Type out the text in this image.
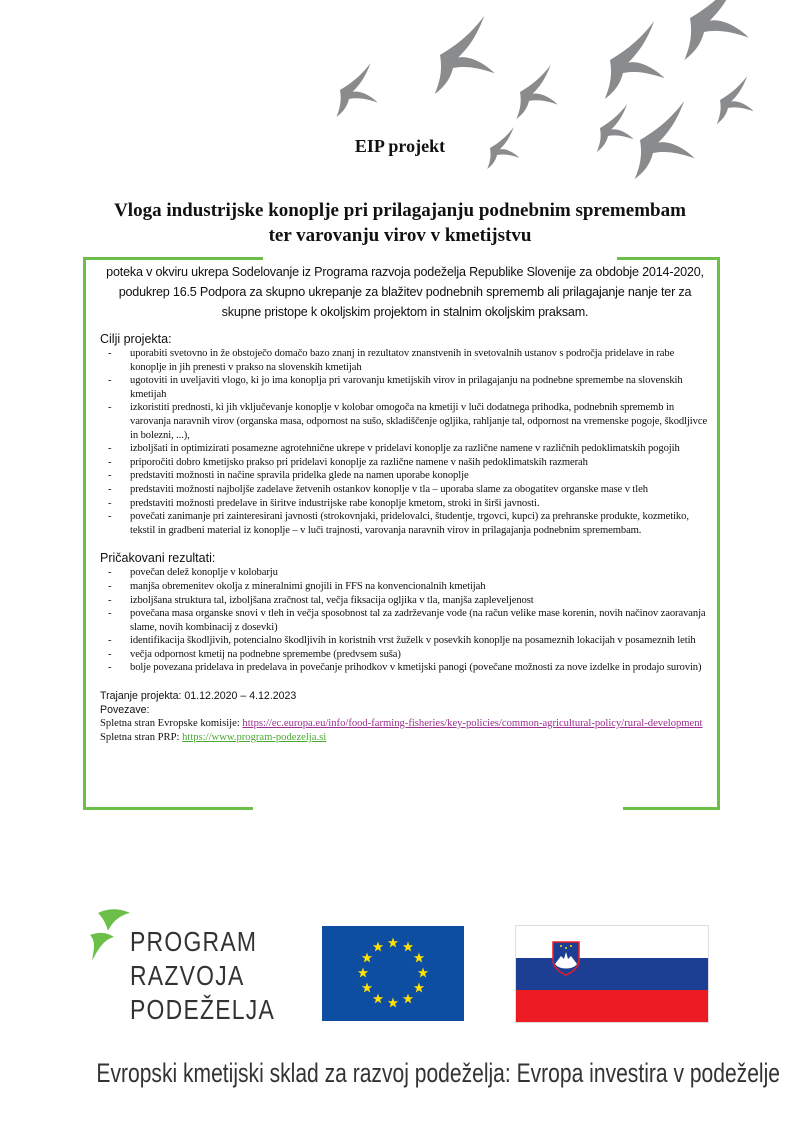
EIP projekt
Vloga industrijske konoplje pri prilagajanju podnebnim spremembam
ter varovanju virov v kmetijstvu
poteka v okviru ukrepa Sodelovanje iz Programa razvoja podeželja Republike Slovenije za obdobje 2014-2020, podukrep 16.5 Podpora za skupno ukrepanje za blažitev podnebnih sprememb ali prilagajanje nanje ter za skupne pristope k okoljskim projektom in stalnim okoljskim praksam.
Cilji projekta:
- uporabiti svetovno in že obstoječo domačo bazo znanj in rezultatov znanstvenih in svetovalnih ustanov s področja pridelave in rabe konoplje in jih prenesti v prakso na slovenskih kmetijah
- ugotoviti in uveljaviti vlogo, ki jo ima konoplja pri varovanju kmetijskih virov in prilagajanju na podnebne spremembe na slovenskih kmetijah
- izkoristiti prednosti, ki jih vključevanje konoplje v kolobar omogoča na kmetiji v luči dodatnega prihodka, podnebnih sprememb in varovanja naravnih virov (organska masa, odpornost na sušo, skladiščenje ogljika, rahljanje tal, odpornost na vremenske pogoje, škodljivce in bolezni, ...),
- izboljšati in optimizirati posamezne agrotehnične ukrepe v pridelavi konoplje za različne namene v različnih pedoklimatskih pogojih
- priporočiti dobro kmetijsko prakso pri pridelavi konoplje za različne namene v naših pedoklimatskih razmerah
- predstaviti možnosti in načine spravila pridelka glede na namen uporabe konoplje
- predstaviti možnosti najboljše zadelave žetvenih ostankov konoplje v tla – uporaba slame za obogatitev organske mase v tleh
- predstaviti možnosti predelave in širitve industrijske rabe konoplje kmetom, stroki in širši javnosti.
- povečati zanimanje pri zainteresirani javnosti (strokovnjaki, pridelovalci, študentje, trgovci, kupci) za prehranske produkte, kozmetiko, tekstil in gradbeni material iz konoplje – v luči trajnosti, varovanja naravnih virov in prilagajanja podnebnim spremembam.
Pričakovani rezultati:
- povečan delež konoplje v kolobarju
- manjša obremenitev okolja z mineralnimi gnojili in FFS na konvencionalnih kmetijah
- izboljšana struktura tal, izboljšana zračnost tal, večja fiksacija ogljika v tla, manjša zapleveljenost
- povečana masa organske snovi v tleh in večja sposobnost tal za zadrževanje vode (na račun velike mase korenin, novih načinov zaoravanja slame, novih kombinacij z dosevki)
- identifikacija škodljivih, potencialno škodljivih in koristnih vrst žuželk v posevkih konoplje na posameznih lokacijah v posameznih letih
- večja odpornost kmetij na podnebne spremembe (predvsem suša)
- bolje povezana pridelava in predelava in povečanje prihodkov v kmetijski panogi (povečane možnosti za nove izdelke in prodajo surovin)
Trajanje projekta: 01.12.2020 – 4.12.2023
Povezave:
Spletna stran Evropske komisije: https://ec.europa.eu/info/food-farming-fisheries/key-policies/common-agricultural-policy/rural-development
Spletna stran PRP: https://www.program-podezelja.si
PROGRAM
RAZVOJA
PODEŽELJA
Evropski kmetijski sklad za razvoj podeželja: Evropa investira v podeželje
